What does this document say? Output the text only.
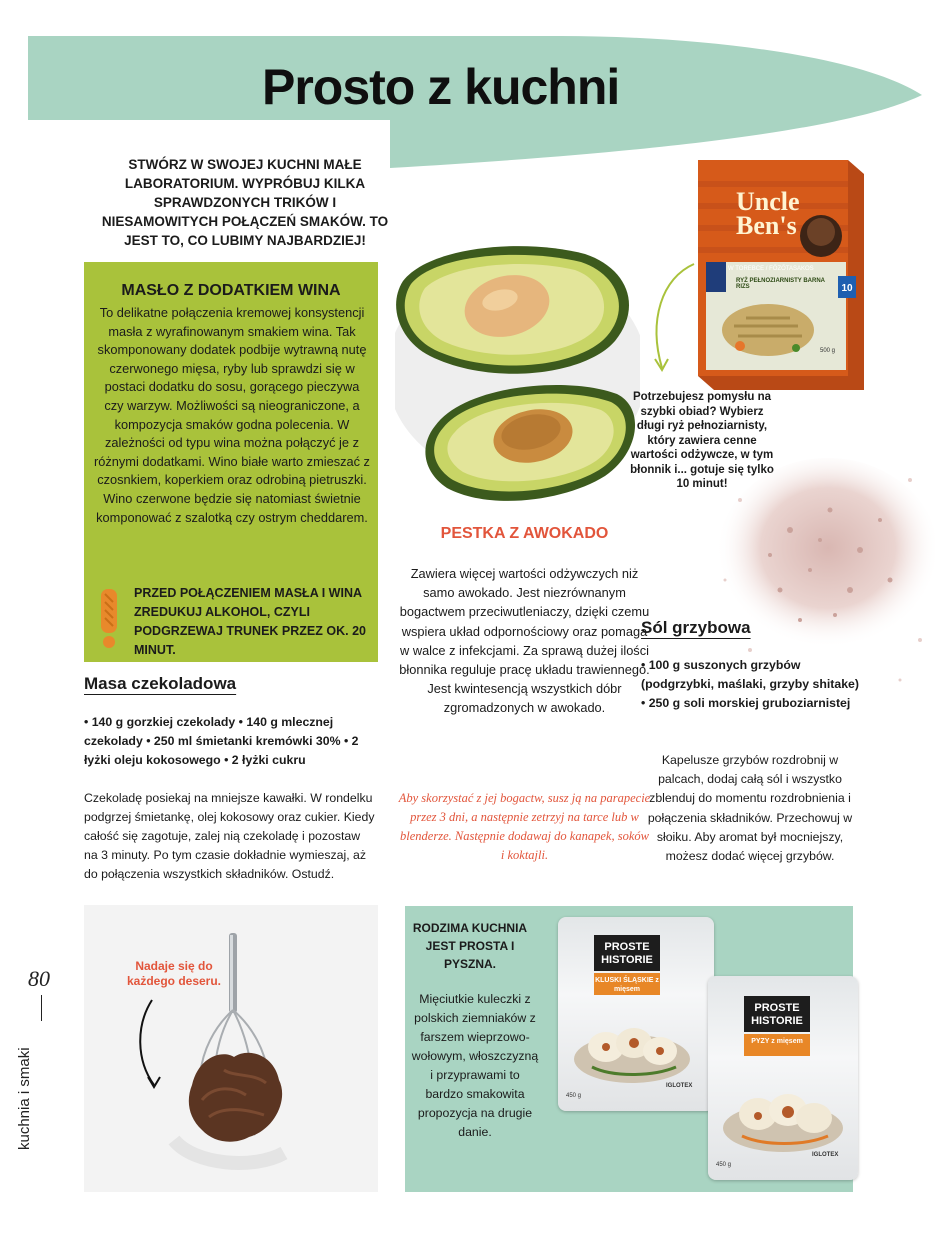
Prosto z kuchni
STWÓRZ W SWOJEJ KUCHNI MAŁE LABORATORIUM. WYPRÓBUJ KILKA SPRAWDZONYCH TRIKÓW I NIESAMOWITYCH POŁĄCZEŃ SMAKÓW. TO JEST TO, CO LUBIMY NAJBARDZIEJ!
MASŁO Z DODATKIEM WINA
To delikatne połączenia kremowej konsystencji masła z wyrafinowanym smakiem wina. Tak skomponowany dodatek podbije wytrawną nutę czerwonego mięsa, ryby lub sprawdzi się w postaci dodatku do sosu, gorącego pieczywa czy warzyw. Możliwości są nieograniczone, a kompozycja smaków godna polecenia. W zależności od typu wina można połączyć je z różnymi dodatkami. Wino białe warto zmieszać z czosnkiem, koperkiem oraz odrobiną pietruszki. Wino czerwone będzie się natomiast świetnie komponować z szalotką czy ostrym cheddarem.
PRZED POŁĄCZENIEM MASŁA I WINA ZREDUKUJ ALKOHOL, CZYLI PODGRZEWAJ TRUNEK PRZEZ OK. 20 MINUT.
Masa czekoladowa
• 140 g gorzkiej czekolady • 140 g mlecznej czekolady • 250 ml śmietanki kremówki 30% • 2 łyżki oleju kokosowego • 2 łyżki cukru
Czekoladę posiekaj na mniejsze kawałki. W rondelku podgrzej śmietankę, olej kokosowy oraz cukier. Kiedy całość się zagotuje, zalej nią czekoladę i pozostaw na 3 minuty. Po tym czasie dokładnie wymieszaj, aż do połączenia wszystkich składników. Ostudź.
Nadaje się do każdego deseru.
80
kuchnia i smaki
PESTKA Z AWOKADO
Zawiera więcej wartości odżywczych niż samo awokado. Jest niezrównanym bogactwem przeciwutleniaczy, dzięki czemu wspiera układ odpornościowy oraz pomaga w walce z infekcjami. Za sprawą dużej ilości błonnika reguluje pracę układu trawiennego. Jest kwintesencją wszystkich dóbr zgromadzonych w awokado.
Aby skorzystać z jej bogactw, susz ją na parapecie przez 3 dni, a następnie zetrzyj na tarce lub w blenderze. Następnie dodawaj do kanapek, soków i koktajli.
Uncle
Ben's
W TOREBCE / FŐZŐTASAKOS
RYŻ PEŁNOZIARNISTY BARNA RIZS	10
500 g
Potrzebujesz pomysłu na szybki obiad? Wybierz długi ryż pełnoziarnisty, który zawiera cenne wartości odżywcze, w tym błonnik i... gotuje się tylko 10 minut!
Sól grzybowa
• 100 g suszonych grzybów (podgrzybki, maślaki, grzyby shitake) • 250 g soli morskiej gruboziarnistej
Kapelusze grzybów rozdrobnij w palcach, dodaj całą sól i wszystko zblenduj do momentu rozdrobnienia i połączenia składników. Przechowuj w słoiku. Aby aromat był mocniejszy, możesz dodać więcej grzybów.
RODZIMA KUCHNIA JEST PROSTA I PYSZNA.
Mięciutkie kuleczki z polskich ziemniaków z farszem wieprzowo-wołowym, włoszczyzną i przyprawami to bardzo smakowita propozycja na drugie danie.
PROSTE HISTORIE
KLUSKI ŚLĄSKIE z mięsem
450 g
IGLOTEX
PROSTE HISTORIE
PYZY z mięsem
450 g
IGLOTEX
